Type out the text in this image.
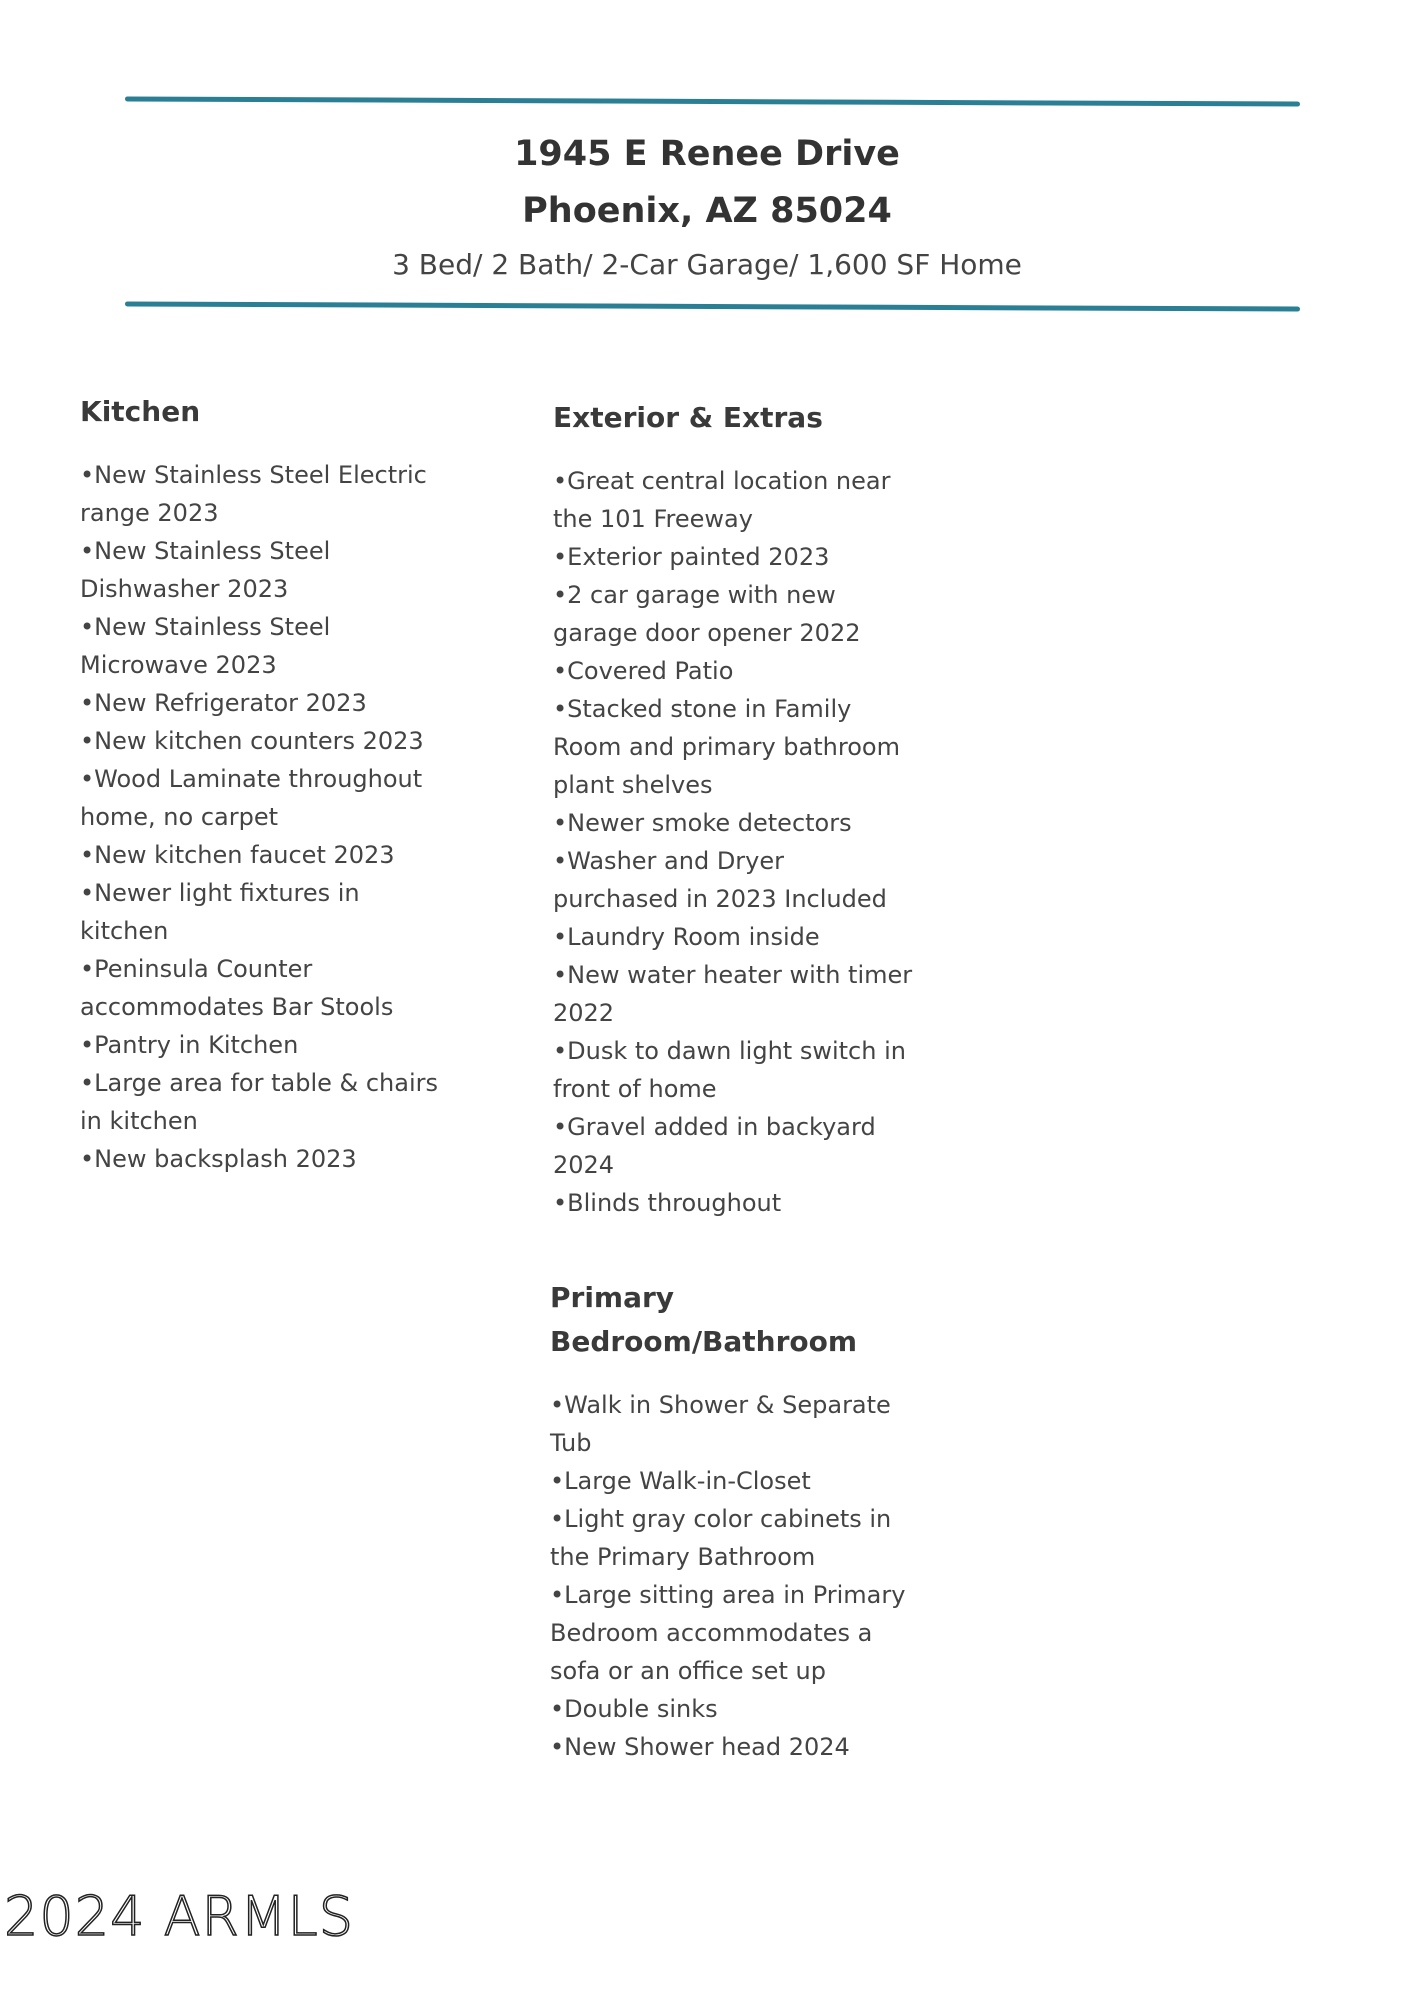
1945 E Renee Drive
Phoenix, AZ 85024
3 Bed/ 2 Bath/ 2-Car Garage/ 1,600 SF Home
Kitchen
•New Stainless Steel Electric range 2023
•New Stainless Steel Dishwasher 2023
•New Stainless Steel Microwave 2023
•New Refrigerator 2023
•New kitchen counters 2023
•Wood Laminate throughout home, no carpet
•New kitchen faucet 2023
•Newer light fixtures in kitchen
•Peninsula Counter accommodates Bar Stools
•Pantry in Kitchen
•Large area for table & chairs in kitchen
•New backsplash 2023
Exterior & Extras
•Great central location near the 101 Freeway
•Exterior painted 2023
•2 car garage with new garage door opener 2022
•Covered Patio
•Stacked stone in Family Room and primary bathroom plant shelves
•Newer smoke detectors
•Washer and Dryer purchased in 2023 Included
•Laundry Room inside
•New water heater with timer 2022
•Dusk to dawn light switch in front of home
•Gravel added in backyard 2024
•Blinds throughout
Primary Bedroom/Bathroom
•Walk in Shower & Separate Tub
•Large Walk-in-Closet
•Light gray color cabinets in the Primary Bathroom
•Large sitting area in Primary Bedroom accommodates a sofa or an office set up
•Double sinks
•New Shower head 2024
2024 ARMLS
